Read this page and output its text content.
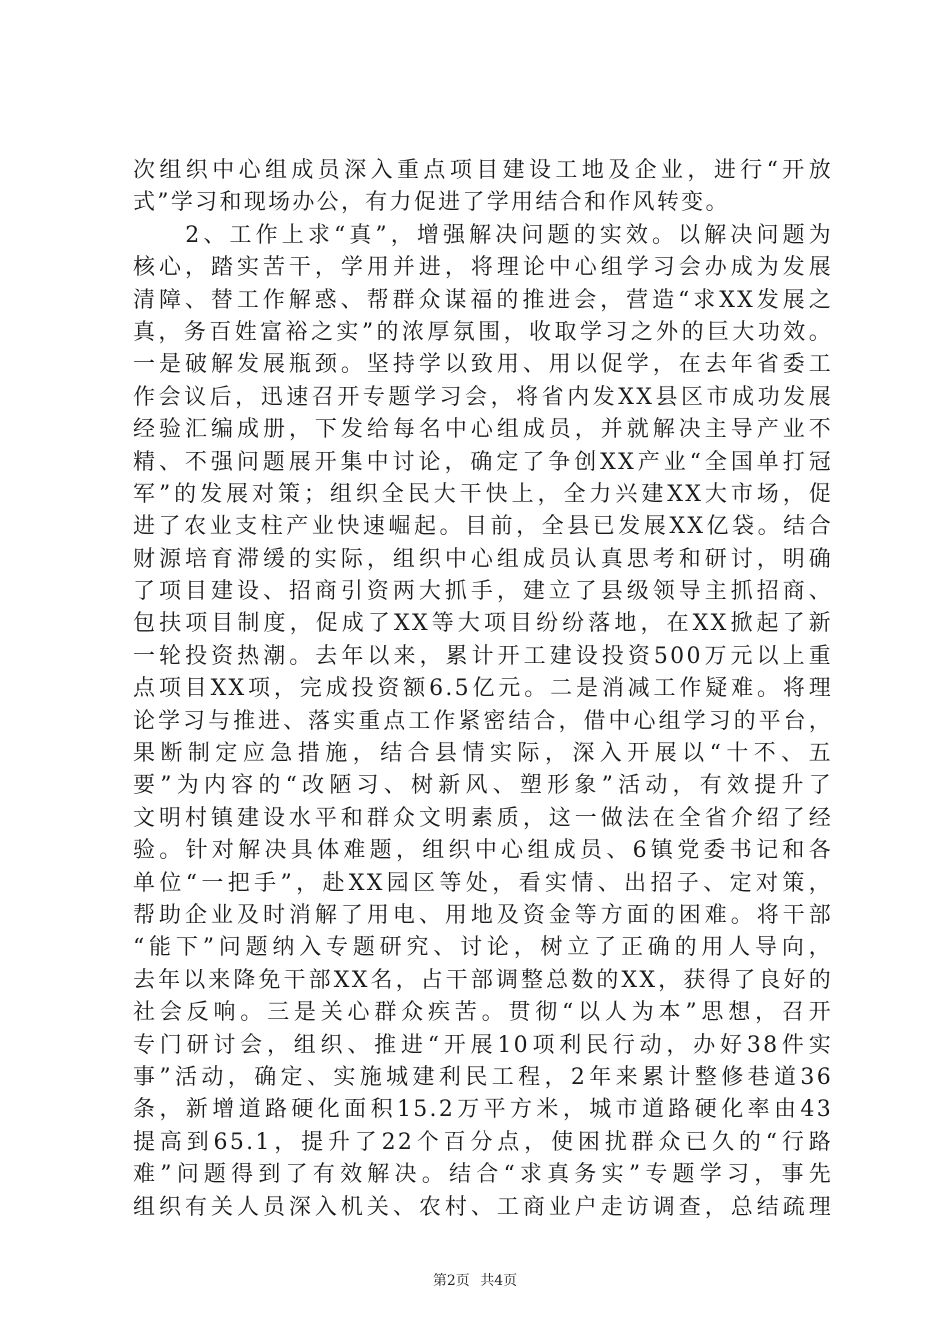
次组织中心组成员深入重点项目建设工地及企业，进行“开放
式”学习和现场办公，有力促进了学用结合和作风转变。
　　2、工作上求“真”，增强解决问题的实效。以解决问题为
核心，踏实苦干，学用并进，将理论中心组学习会办成为发展
清障、替工作解惑、帮群众谋福的推进会，营造“求XX发展之
真，务百姓富裕之实”的浓厚氛围，收取学习之外的巨大功效。
一是破解发展瓶颈。坚持学以致用、用以促学，在去年省委工
作会议后，迅速召开专题学习会，将省内发XX县区市成功发展
经验汇编成册，下发给每名中心组成员，并就解决主导产业不
精、不强问题展开集中讨论，确定了争创XX产业“全国单打冠
军”的发展对策；组织全民大干快上，全力兴建XX大市场，促
进了农业支柱产业快速崛起。目前，全县已发展XX亿袋。结合
财源培育滞缓的实际，组织中心组成员认真思考和研讨，明确
了项目建设、招商引资两大抓手，建立了县级领导主抓招商、
包扶项目制度，促成了XX等大项目纷纷落地，在XX掀起了新
一轮投资热潮。去年以来，累计开工建设投资500万元以上重
点项目XX项，完成投资额6.5亿元。二是消减工作疑难。将理
论学习与推进、落实重点工作紧密结合，借中心组学习的平台，
果断制定应急措施，结合县情实际，深入开展以“十不、五
要”为内容的“改陋习、树新风、塑形象”活动，有效提升了
文明村镇建设水平和群众文明素质，这一做法在全省介绍了经
验。针对解决具体难题，组织中心组成员、6镇党委书记和各
单位“一把手”，赴XX园区等处，看实情、出招子、定对策，
帮助企业及时消解了用电、用地及资金等方面的困难。将干部
“能下”问题纳入专题研究、讨论，树立了正确的用人导向，
去年以来降免干部XX名，占干部调整总数的XX，获得了良好的
社会反响。三是关心群众疾苦。贯彻“以人为本”思想，召开
专门研讨会，组织、推进“开展10项利民行动，办好38件实
事”活动，确定、实施城建利民工程，2年来累计整修巷道36
条，新增道路硬化面积15.2万平方米，城市道路硬化率由43
提高到65.1，提升了22个百分点，使困扰群众已久的“行路
难”问题得到了有效解决。结合“求真务实”专题学习，事先
组织有关人员深入机关、农村、工商业户走访调查，总结疏理
第2页 共4页
